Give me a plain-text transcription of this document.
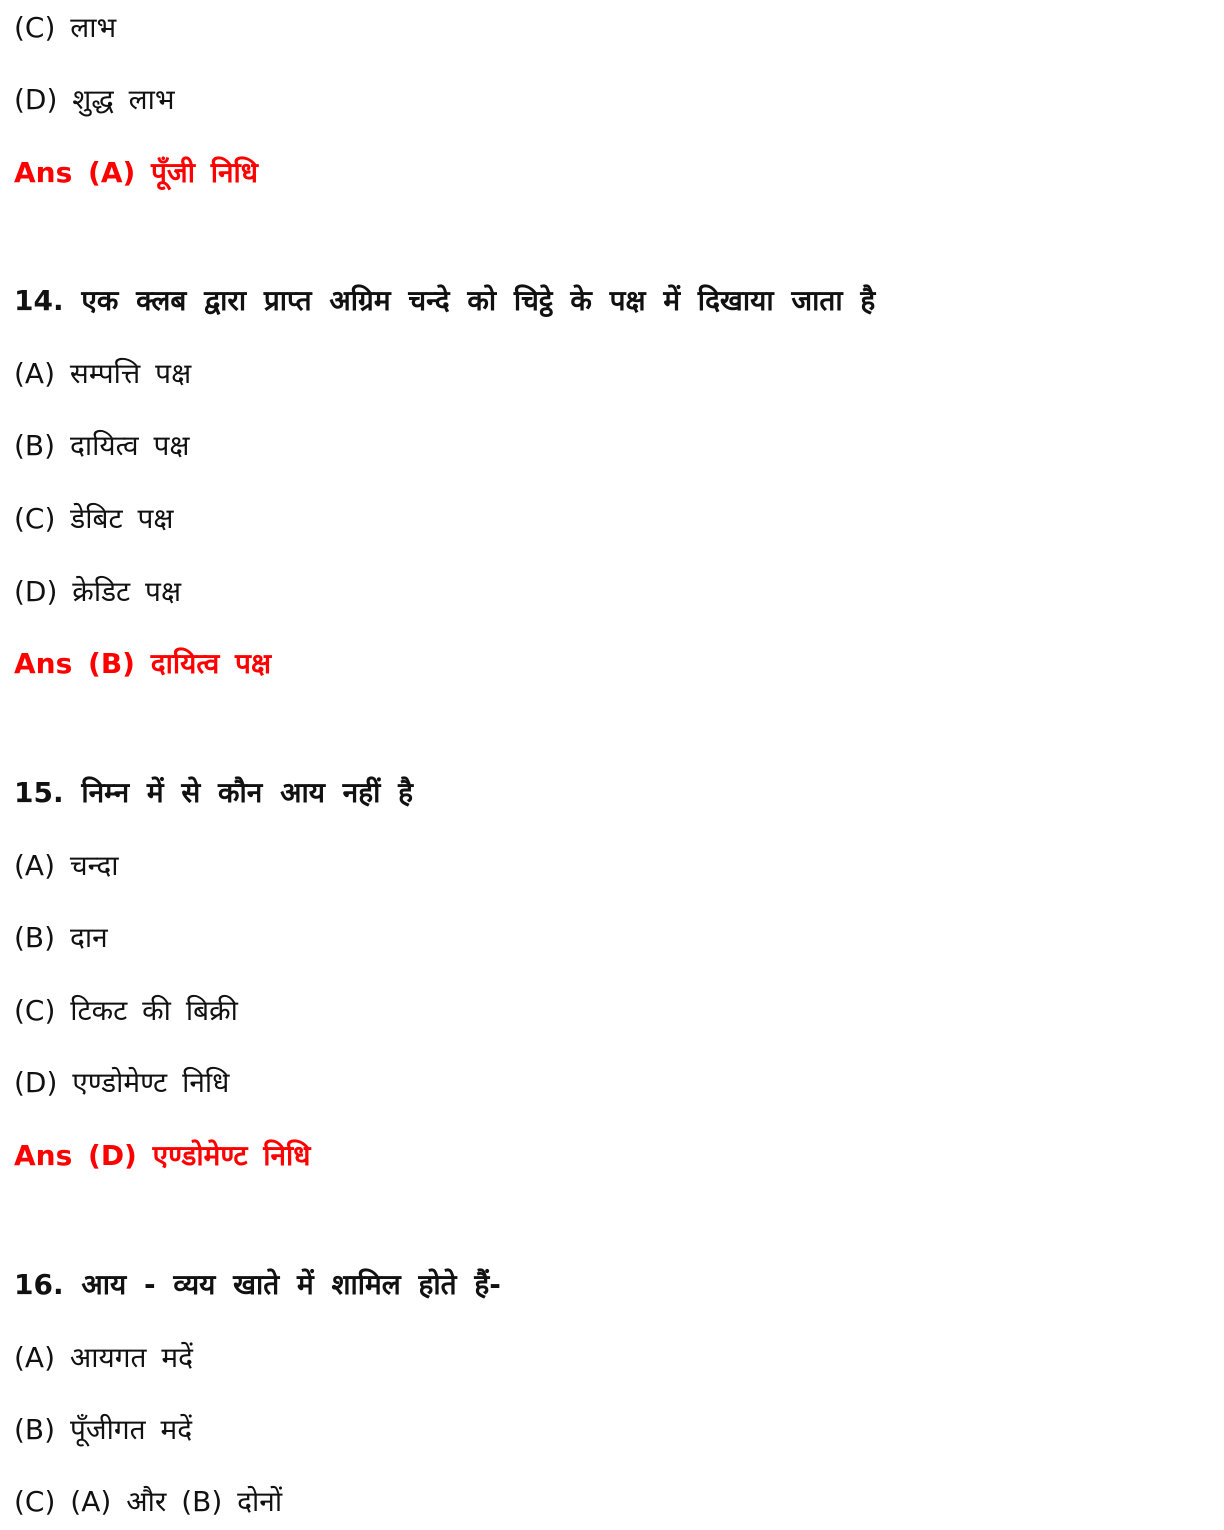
(C) लाभ
(D) शुद्ध लाभ
Ans (A) पूँजी निधि
14. एक क्लब द्वारा प्राप्त अग्रिम चन्दे को चिट्ठे के पक्ष में दिखाया जाता है
(A) सम्पत्ति पक्ष
(B) दायित्व पक्ष
(C) डेबिट पक्ष
(D) क्रेडिट पक्ष
Ans (B) दायित्व पक्ष
15. निम्न में से कौन आय नहीं है
(A) चन्दा
(B) दान
(C) टिकट की बिक्री
(D) एण्डोमेण्ट निधि
Ans (D) एण्डोमेण्ट निधि
16. आय - व्यय खाते में शामिल होते हैं-
(A) आयगत मदें
(B) पूँजीगत मदें
(C) (A) और (B) दोनों
